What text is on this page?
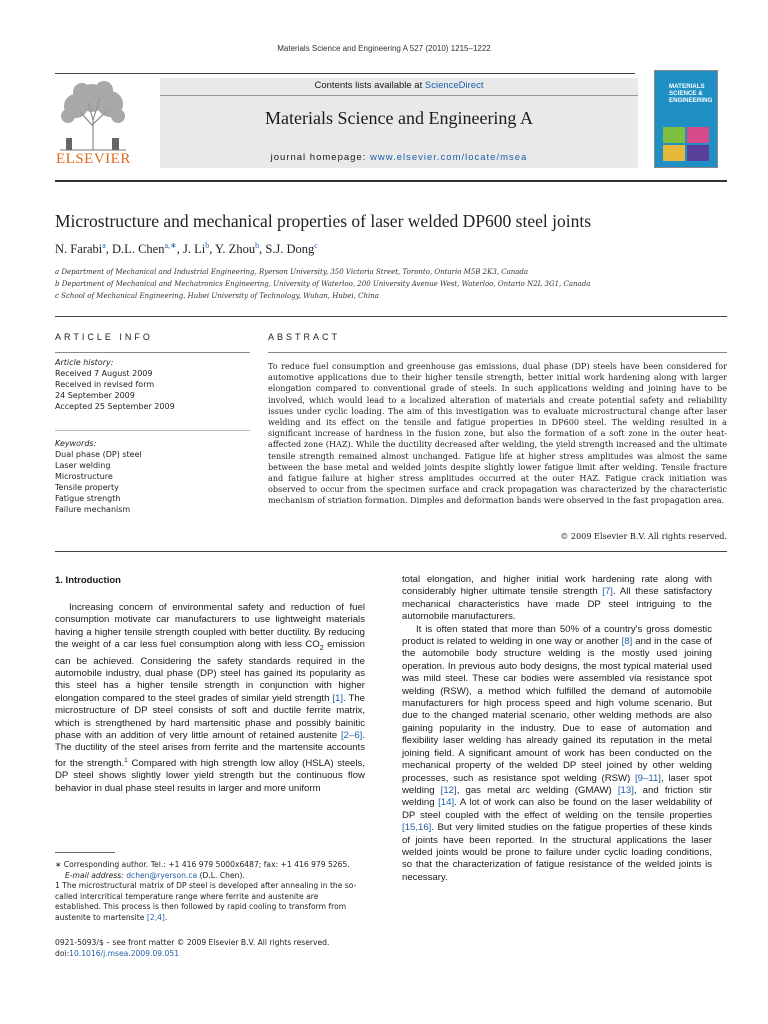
Materials Science and Engineering A 527 (2010) 1215–1222
ELSEVIER
Contents lists available at ScienceDirect
Materials Science and Engineering A
journal homepage: www.elsevier.com/locate/msea
MATERIALS SCIENCE & ENGINEERING
Microstructure and mechanical properties of laser welded DP600 steel joints
N. Farabi$^a$, D.L. Chen$^{a,∗}$, J. Li$^b$, Y. Zhou$^b$, S.J. Dong$^c$
a Department of Mechanical and Industrial Engineering, Ryerson University, 350 Victoria Street, Toronto, Ontario M5B 2K3, Canada
b Department of Mechanical and Mechatronics Engineering, University of Waterloo, 200 University Avenue West, Waterloo, Ontario N2L 3G1, Canada
c School of Mechanical Engineering, Hubei University of Technology, Wuhan, Hubei, China
ARTICLE INFO
Article history:
Received 7 August 2009
Received in revised form
24 September 2009
Accepted 25 September 2009
Keywords:
Dual phase (DP) steel
Laser welding
Microstructure
Tensile property
Fatigue strength
Failure mechanism
ABSTRACT
To reduce fuel consumption and greenhouse gas emissions, dual phase (DP) steels have been considered for automotive applications due to their higher tensile strength, better initial work hardening along with larger elongation compared to conventional grade of steels. In such applications welding and joining have to be involved, which would lead to a localized alteration of materials and create potential safety and reliability issues under cyclic loading. The aim of this investigation was to evaluate microstructural change after laser welding and its effect on the tensile and fatigue properties in DP600 steel. The welding resulted in a significant increase of hardness in the fusion zone, but also the formation of a soft zone in the outer heat-affected zone (HAZ). While the ductility decreased after welding, the yield strength increased and the ultimate tensile strength remained almost unchanged. Fatigue life at higher stress amplitudes was almost the same between the base metal and welded joints despite slightly lower fatigue limit after welding. Tensile fracture and fatigue failure at higher stress amplitudes occurred at the outer HAZ. Fatigue crack initiation was observed to occur from the specimen surface and crack propagation was characterized by the characteristic mechanism of striation formation. Dimples and deformation bands were observed in the fast propagation area.
© 2009 Elsevier B.V. All rights reserved.
1. Introduction

Increasing concern of environmental safety and reduction of fuel consumption motivate car manufacturers to use lightweight materials having a higher tensile strength coupled with better ductility. By reducing the weight of a car less fuel consumption along with less $CO_2$ emission can be achieved. Considering the safety standards required in the automobile industry, dual phase (DP) steel has gained its popularity as this steel has a higher tensile strength in conjunction with higher elongation compared to the steel grades of similar yield strength [1]. The microstructure of DP steel consists of soft and ductile ferrite matrix, which is strengthened by hard martensitic phase and possibly bainitic phase with an addition of very little amount of retained austenite [2–6]. The ductility of the steel arises from ferrite and the martensite accounts for the strength.$^1$ Compared with high strength low alloy (HSLA) steels, DP steel shows slightly lower yield strength but the continuous flow behavior in dual phase steel results in larger and more uniform

total elongation, and higher initial work hardening rate along with considerably higher ultimate tensile strength [7]. All these satisfactory mechanical characteristics have made DP steel intriguing to the automobile manufacturers.

It is often stated that more than 50% of a country's gross domestic product is related to welding in one way or another [8] and in the case of the automobile body structure welding is the mostly used joining operation. In previous auto body designs, the most typical material used was mild steel. These car bodies were assembled via resistance spot welding (RSW), a method which fulfilled the demand of automobile manufacturers for high process speed and high volume scenario. But due to the changed material scenario, other welding methods are also gaining popularity in the industry. Due to ease of automation and flexibility laser welding has already gained its reputation in the metal joining field. A significant amount of work has been conducted on the mechanical property of the welded DP steel joined by other welding processes, such as resistance spot welding (RSW) [9–11], laser spot welding [12], gas metal arc welding (GMAW) [13], and friction stir welding [14]. A lot of work can also be found on the laser weldability of DP steel coupled with the effect of welding on the tensile properties [15,16]. But very limited studies on the fatigue properties of these kinds of joints have been reported. In the structural applications the laser welded joints would be prone to failure under cyclic loading conditions, so that the characterization of fatigue resistance of the welded joints is necessary.

∗ Corresponding author. Tel.: +1 416 979 5000x6487; fax: +1 416 979 5265.

E-mail address: dchen@ryerson.ca (D.L. Chen).

1 The microstructural matrix of DP steel is developed after annealing in the so-called intercritical temperature range where ferrite and austenite are established. This process is then followed by rapid cooling to transform from austenite to martensite [2,4].

0921-5093/$ – see front matter © 2009 Elsevier B.V. All rights reserved.
doi:10.1016/j.msea.2009.09.051
